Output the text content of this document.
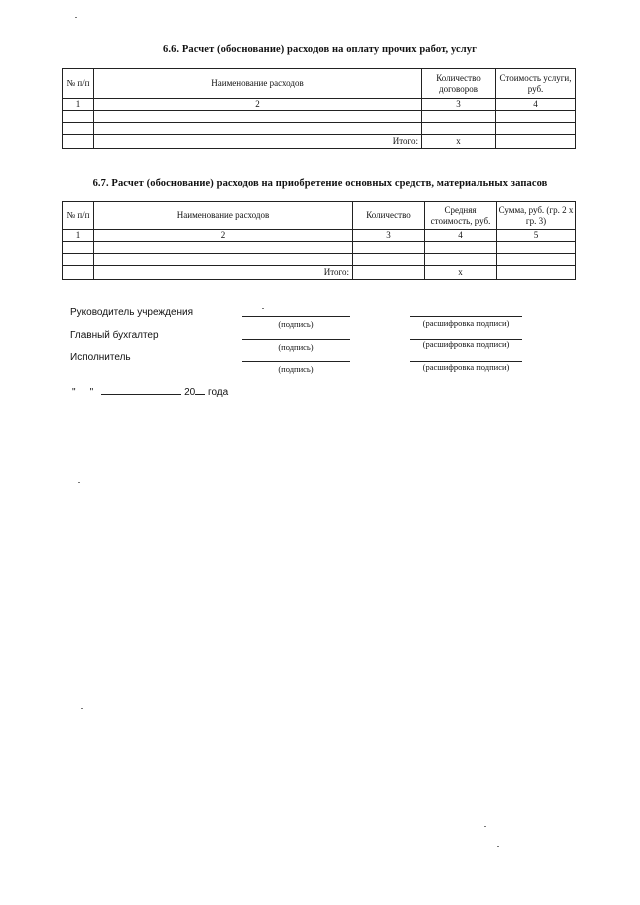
6.6. Расчет (обоснование) расходов на оплату прочих работ, услуг
№ п/п	Наименование расходов	Количество договоров	Стоимость услуги, руб.
1	2	3	4

	Итого:	x	
6.7. Расчет (обоснование) расходов на приобретение основных средств, материальных запасов
№ п/п	Наименование расходов	Количество	Средняя стоимость, руб.	Сумма, руб. (гр. 2 х гр. 3)
1	2	3	4	5

	Итого:		x	
Руководитель учреждения
(подпись)	(расшифровка подписи)
Главный бухгалтер
(подпись)	(расшифровка подписи)
Исполнитель
(подпись)	(расшифровка подписи)
" "	20 года
